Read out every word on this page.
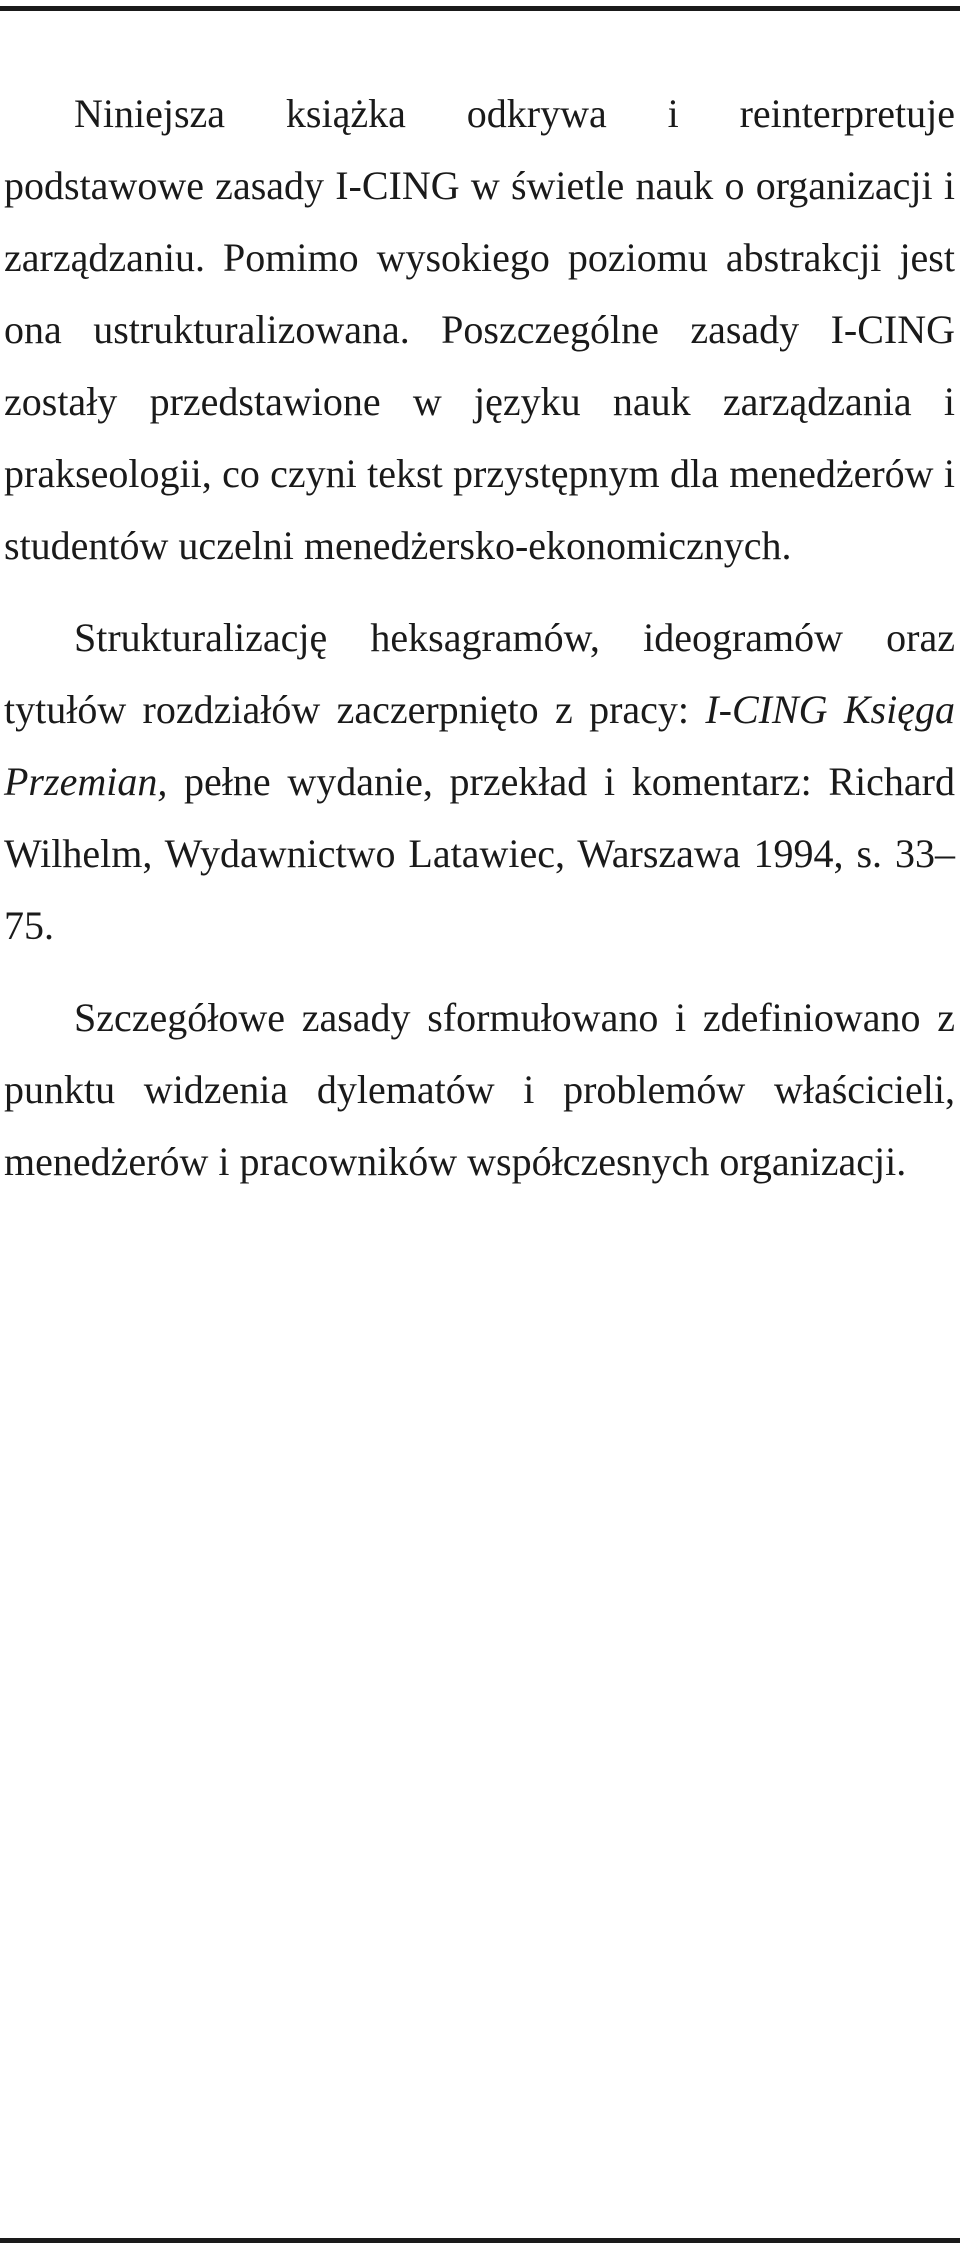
Niniejsza książka odkrywa i reinterpretuje podstawowe zasady I-CING w świetle nauk o organizacji i zarządzaniu. Pomimo wysokiego poziomu abstrakcji jest ona ustrukturalizowana. Poszczególne zasady I-CING zostały przedstawione w języku nauk zarządzania i prakseologii, co czyni tekst przystępnym dla menedżerów i studentów uczelni menedżersko-ekonomicznych.

Strukturalizację heksagramów, ideogramów oraz tytułów rozdziałów zaczerpnięto z pracy: I-CING Księga Przemian, pełne wydanie, przekład i komentarz: Richard Wilhelm, Wydawnictwo Latawiec, Warszawa 1994, s. 33–75.

Szczegółowe zasady sformułowano i zdefiniowano z punktu widzenia dylematów i problemów właścicieli, menedżerów i pracowników współczesnych organizacji.
